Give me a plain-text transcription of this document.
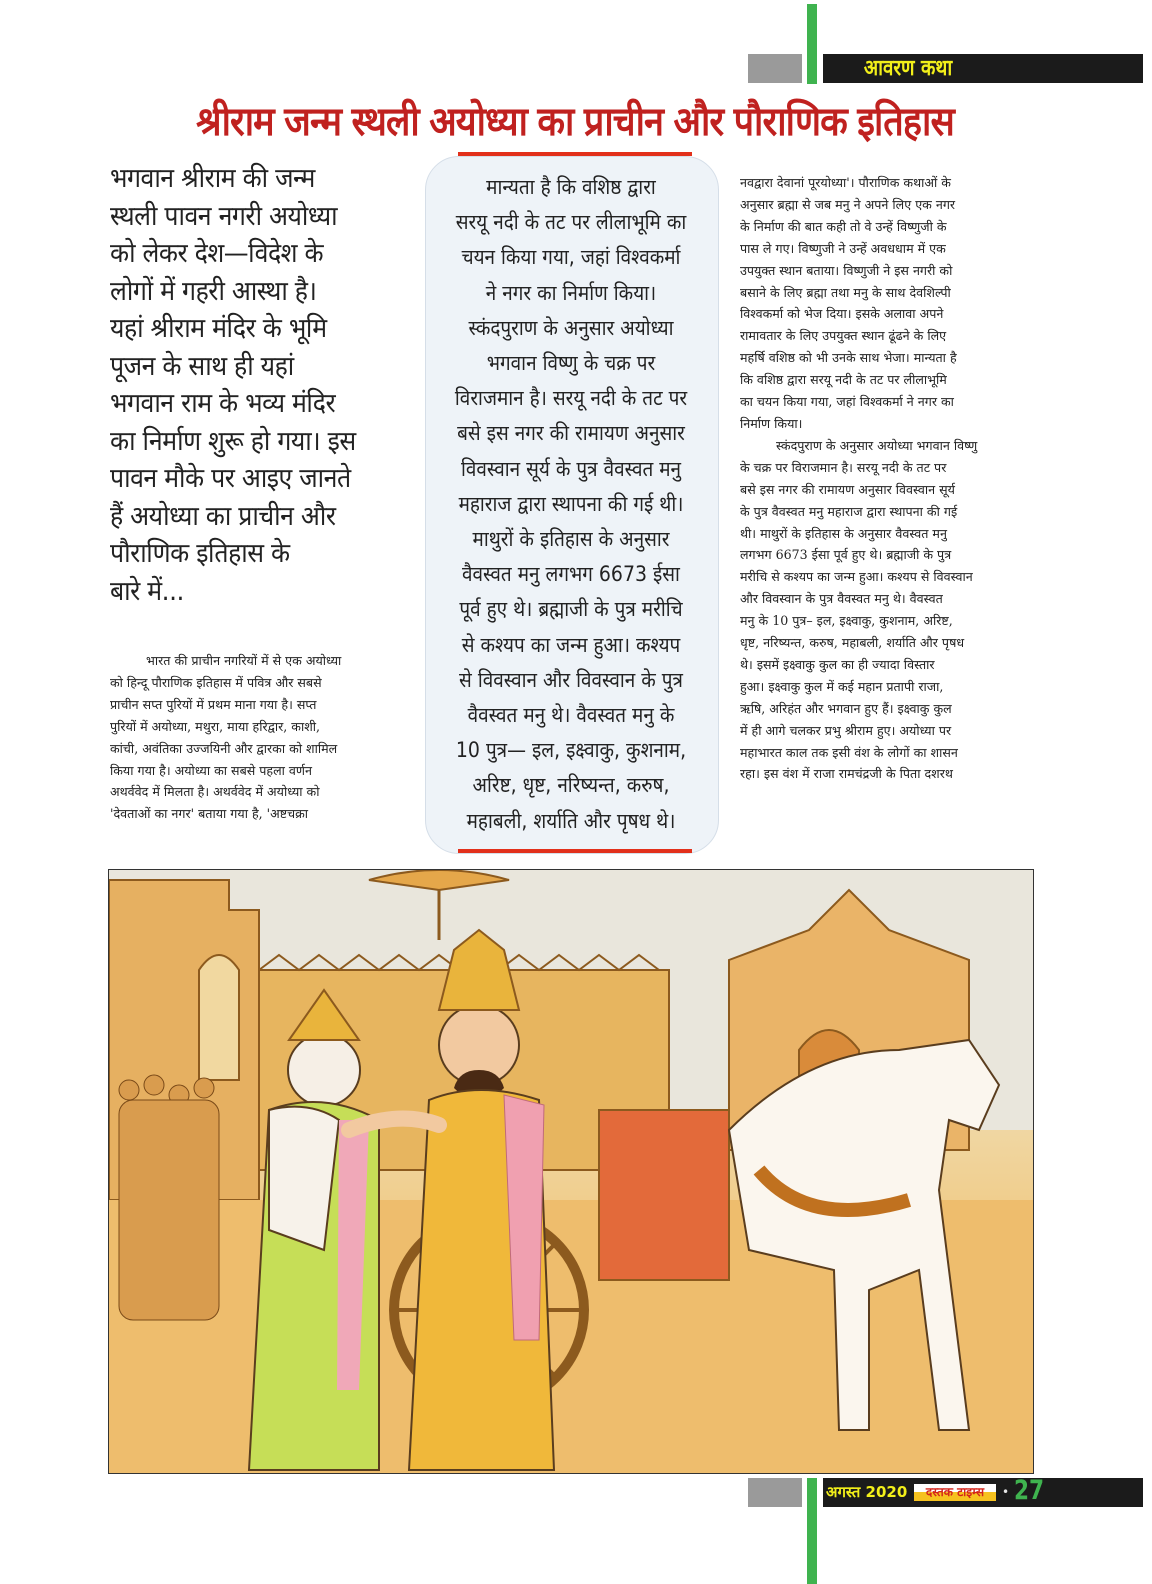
आवरण कथा
श्रीराम जन्म स्थली अयोध्या का प्राचीन और पौराणिक इतिहास
भगवान श्रीराम की जन्म
स्थली पावन नगरी अयोध्या
को लेकर देश—विदेश के
लोगों में गहरी आस्था है।
यहां श्रीराम मंदिर के भूमि
पूजन के साथ ही यहां
भगवान राम के भव्य मंदिर
का निर्माण शुरू हो गया। इस
पावन मौके पर आइए जानते
हैं अयोध्या का प्राचीन और
पौराणिक इतिहास के
बारे में...
भारत की प्राचीन नगरियों में से एक अयोध्या
को हिन्दू पौराणिक इतिहास में पवित्र और सबसे
प्राचीन सप्त पुरियों में प्रथम माना गया है। सप्त
पुरियों में अयोध्या, मथुरा, माया हरिद्वार, काशी,
कांची, अवंतिका उज्जयिनी और द्वारका को शामिल
किया गया है। अयोध्या का सबसे पहला वर्णन
अथर्ववेद में मिलता है। अथर्ववेद में अयोध्या को
'देवताओं का नगर' बताया गया है, 'अष्टचक्रा
मान्यता है कि वशिष्ठ द्वारा
सरयू नदी के तट पर लीलाभूमि का
चयन किया गया, जहां विश्वकर्मा
ने नगर का निर्माण किया।
स्कंदपुराण के अनुसार अयोध्या
भगवान विष्णु के चक्र पर
विराजमान है। सरयू नदी के तट पर
बसे इस नगर की रामायण अनुसार
विवस्वान सूर्य के पुत्र वैवस्वत मनु
महाराज द्वारा स्थापना की गई थी।
माथुरों के इतिहास के अनुसार
वैवस्वत मनु लगभग 6673 ईसा
पूर्व हुए थे। ब्रह्माजी के पुत्र मरीचि
से कश्यप का जन्म हुआ। कश्यप
से विवस्वान और विवस्वान के पुत्र
वैवस्वत मनु थे। वैवस्वत मनु के
10 पुत्र— इल, इक्ष्वाकु, कुशनाम,
अरिष्ट, धृष्ट, नरिष्यन्त, करुष,
महाबली, शर्याति और पृषध थे।
नवद्वारा देवानां पूरयोध्या'। पौराणिक कथाओं के
अनुसार ब्रह्मा से जब मनु ने अपने लिए एक नगर
के निर्माण की बात कही तो वे उन्हें विष्णुजी के
पास ले गए। विष्णुजी ने उन्हें अवधधाम में एक
उपयुक्त स्थान बताया। विष्णुजी ने इस नगरी को
बसाने के लिए ब्रह्मा तथा मनु के साथ देवशिल्पी
विश्वकर्मा को भेज दिया। इसके अलावा अपने
रामावतार के लिए उपयुक्त स्थान ढूंढने के लिए
महर्षि वशिष्ठ को भी उनके साथ भेजा। मान्यता है
कि वशिष्ठ द्वारा सरयू नदी के तट पर लीलाभूमि
का चयन किया गया, जहां विश्वकर्मा ने नगर का
निर्माण किया।
स्कंदपुराण के अनुसार अयोध्या भगवान विष्णु
के चक्र पर विराजमान है। सरयू नदी के तट पर
बसे इस नगर की रामायण अनुसार विवस्वान सूर्य
के पुत्र वैवस्वत मनु महाराज द्वारा स्थापना की गई
थी। माथुरों के इतिहास के अनुसार वैवस्वत मनु
लगभग 6673 ईसा पूर्व हुए थे। ब्रह्माजी के पुत्र
मरीचि से कश्यप का जन्म हुआ। कश्यप से विवस्वान
और विवस्वान के पुत्र वैवस्वत मनु थे। वैवस्वत
मनु के 10 पुत्र– इल, इक्ष्वाकु, कुशनाम, अरिष्ट,
धृष्ट, नरिष्यन्त, करुष, महाबली, शर्याति और पृषध
थे। इसमें इक्ष्वाकु कुल का ही ज्यादा विस्तार
हुआ। इक्ष्वाकु कुल में कई महान प्रतापी राजा,
ऋषि, अरिहंत और भगवान हुए हैं। इक्ष्वाकु कुल
में ही आगे चलकर प्रभु श्रीराम हुए। अयोध्या पर
महाभारत काल तक इसी वंश के लोगों का शासन
रहा। इस वंश में राजा रामचंद्रजी के पिता दशरथ
अगस्त 2020	दस्तक टाइम्स	• 27
